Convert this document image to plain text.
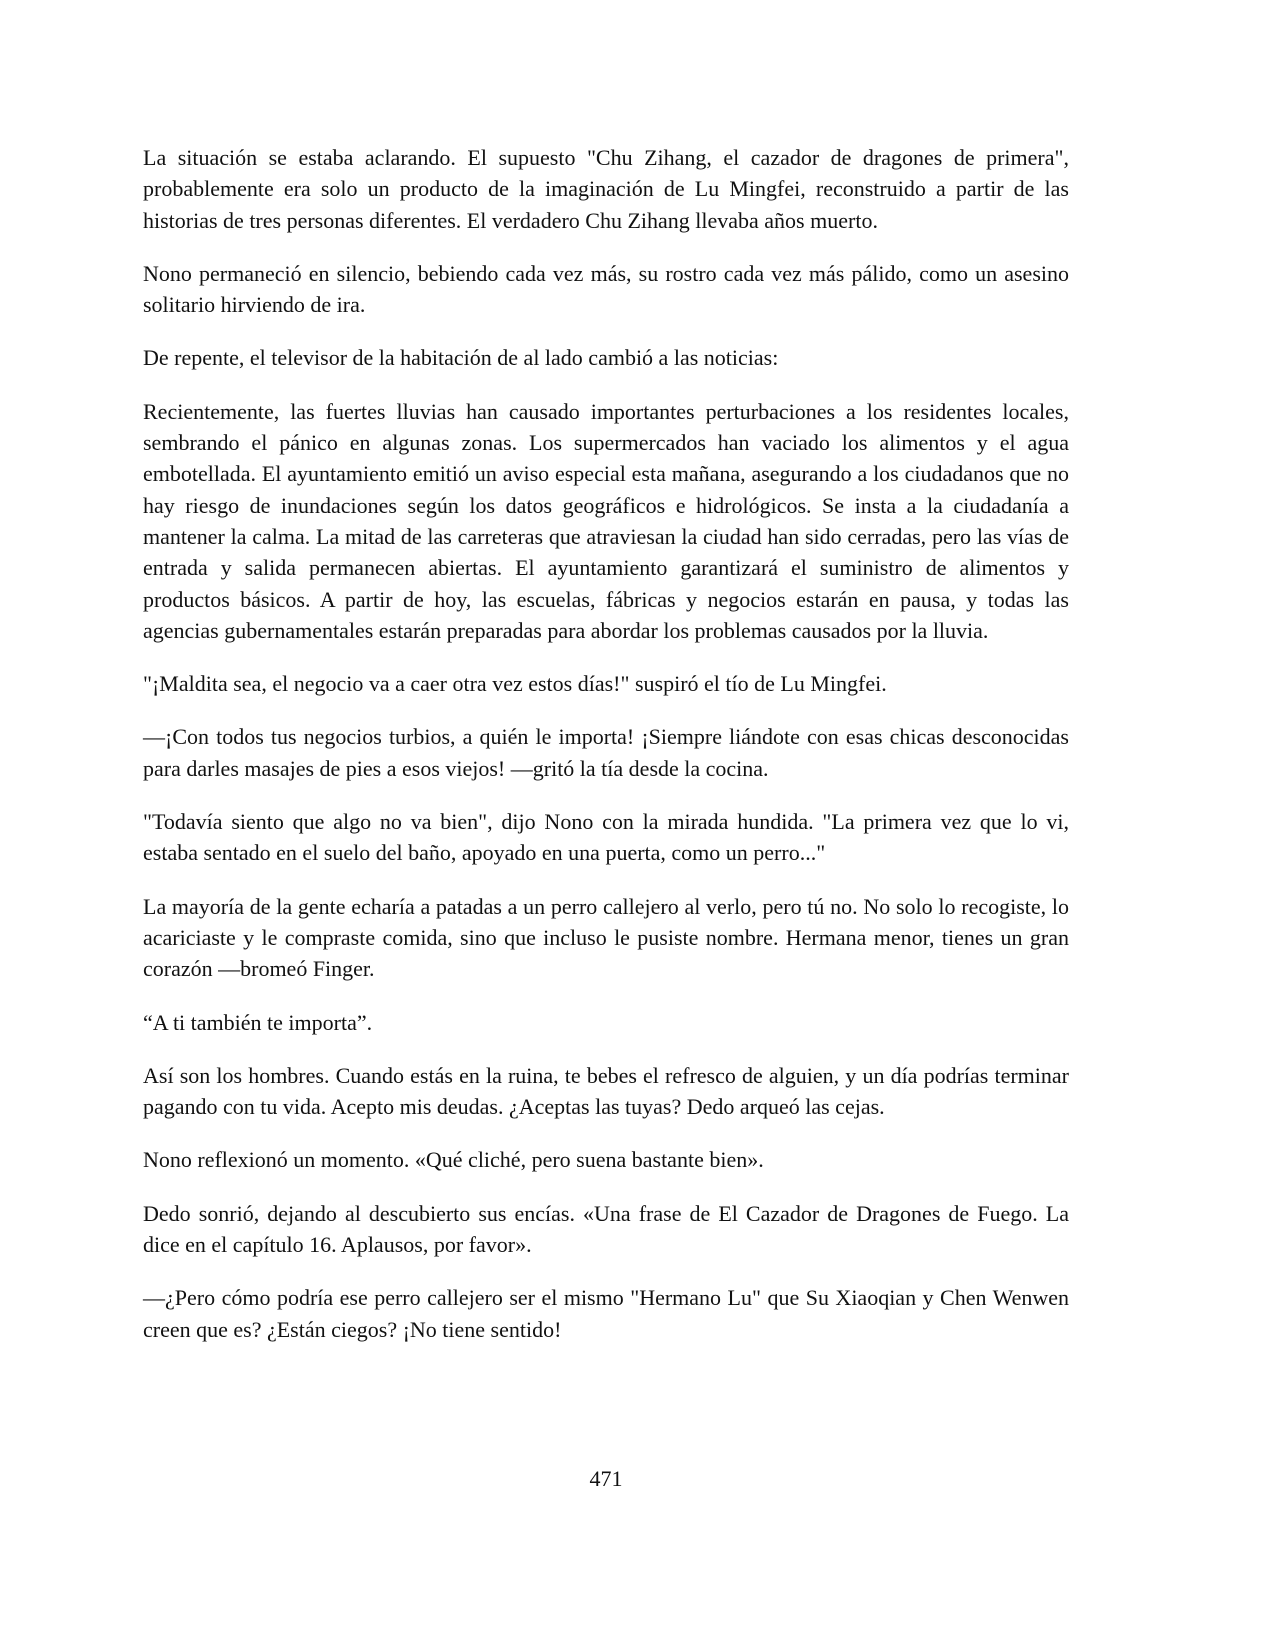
La situación se estaba aclarando. El supuesto "Chu Zihang, el cazador de dragones de primera", probablemente era solo un producto de la imaginación de Lu Mingfei, reconstruido a partir de las historias de tres personas diferentes. El verdadero Chu Zihang llevaba años muerto.

Nono permaneció en silencio, bebiendo cada vez más, su rostro cada vez más pálido, como un asesino solitario hirviendo de ira.

De repente, el televisor de la habitación de al lado cambió a las noticias:

Recientemente, las fuertes lluvias han causado importantes perturbaciones a los residentes locales, sembrando el pánico en algunas zonas. Los supermercados han vaciado los alimentos y el agua embotellada. El ayuntamiento emitió un aviso especial esta mañana, asegurando a los ciudadanos que no hay riesgo de inundaciones según los datos geográficos e hidrológicos. Se insta a la ciudadanía a mantener la calma. La mitad de las carreteras que atraviesan la ciudad han sido cerradas, pero las vías de entrada y salida permanecen abiertas. El ayuntamiento garantizará el suministro de alimentos y productos básicos. A partir de hoy, las escuelas, fábricas y negocios estarán en pausa, y todas las agencias gubernamentales estarán preparadas para abordar los problemas causados por la lluvia.

"¡Maldita sea, el negocio va a caer otra vez estos días!" suspiró el tío de Lu Mingfei.

—¡Con todos tus negocios turbios, a quién le importa! ¡Siempre liándote con esas chicas desconocidas para darles masajes de pies a esos viejos! —gritó la tía desde la cocina.

"Todavía siento que algo no va bien", dijo Nono con la mirada hundida. "La primera vez que lo vi, estaba sentado en el suelo del baño, apoyado en una puerta, como un perro..."

La mayoría de la gente echaría a patadas a un perro callejero al verlo, pero tú no. No solo lo recogiste, lo acariciaste y le compraste comida, sino que incluso le pusiste nombre. Hermana menor, tienes un gran corazón —bromeó Finger.

“A ti también te importa”.

Así son los hombres. Cuando estás en la ruina, te bebes el refresco de alguien, y un día podrías terminar pagando con tu vida. Acepto mis deudas. ¿Aceptas las tuyas? Dedo arqueó las cejas.

Nono reflexionó un momento. «Qué cliché, pero suena bastante bien».

Dedo sonrió, dejando al descubierto sus encías. «Una frase de El Cazador de Dragones de Fuego. La dice en el capítulo 16. Aplausos, por favor».

—¿Pero cómo podría ese perro callejero ser el mismo "Hermano Lu" que Su Xiaoqian y Chen Wenwen creen que es? ¿Están ciegos? ¡No tiene sentido!

471
